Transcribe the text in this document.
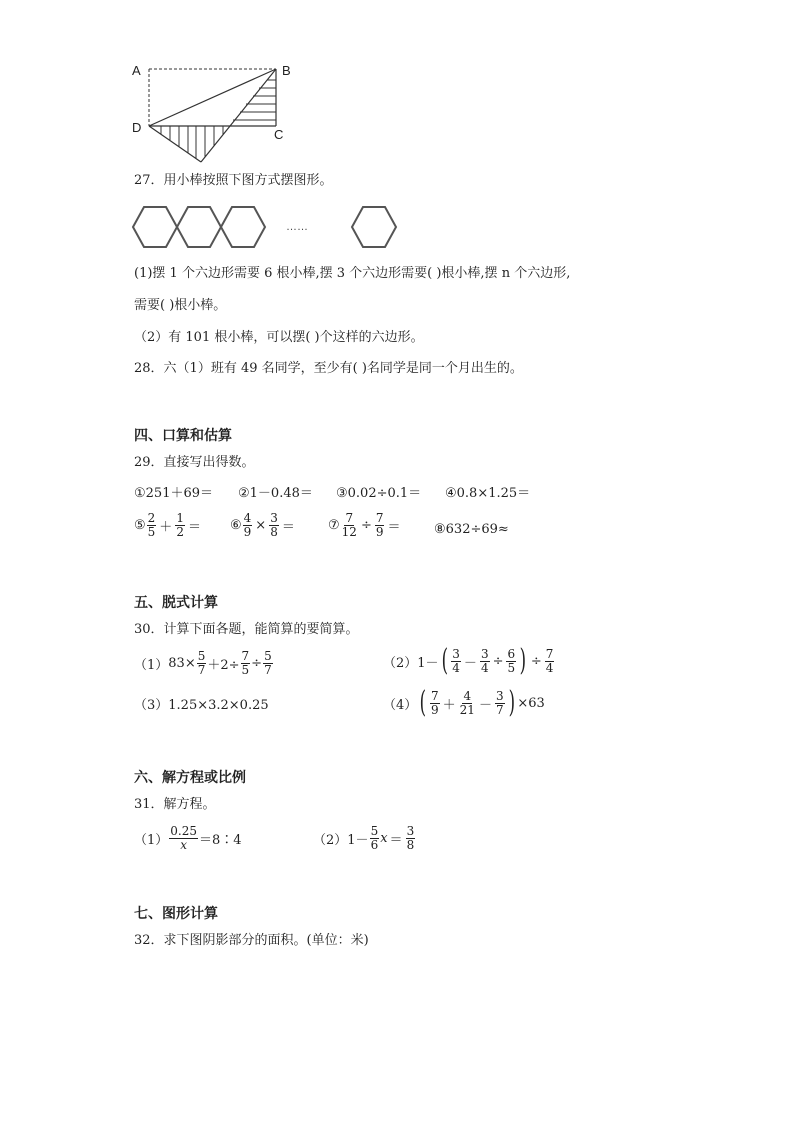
A	B
C
D
27．用小棒按照下图方式摆图形。
……
(1)摆 1 个六边形需要 6 根小棒,摆 3 个六边形需要( )根小棒,摆 n 个六边形,
需要( )根小棒。
（2）有 101 根小棒，可以摆( )个这样的六边形。
28．六（1）班有 49 名同学，至少有( )名同学是同一个月出生的。
四、口算和估算
29．直接写出得数。
①251＋69＝ ②1－0.48＝ ③0.02÷0.1＝ ④0.8×1.25＝
⑤ $\frac{2}{5} + \frac{1}{2}$ ＝ ⑥ $\frac{4}{9} \times \frac{3}{8}$ ＝	⑦ $\frac{7}{12} \div \frac{7}{9}$ ＝	⑧632÷69≈
五、脱式计算
30．计算下面各题，能简算的要简算。
（1） $83\times \frac{5}{7} +2\div \frac{7}{5} \div \frac{5}{7}$	（2） 1－ ( $\frac{3}{4} - \frac{3}{4} \div \frac{6}{5}$ ) ÷ $\frac{7}{4}$
（3）1.25×3.2×0.25	（4） ( $\frac{7}{9} + \frac{4}{21} - \frac{3}{7}$ ) ×63
六、解方程或比例
31．解方程。
$(1) \frac{0.25}{x}$ ＝8∶4	（2） $1- \frac{5}{6}$ $x = \frac{3}{8}$
七、图形计算
32．求下图阴影部分的面积。(单位：米)
